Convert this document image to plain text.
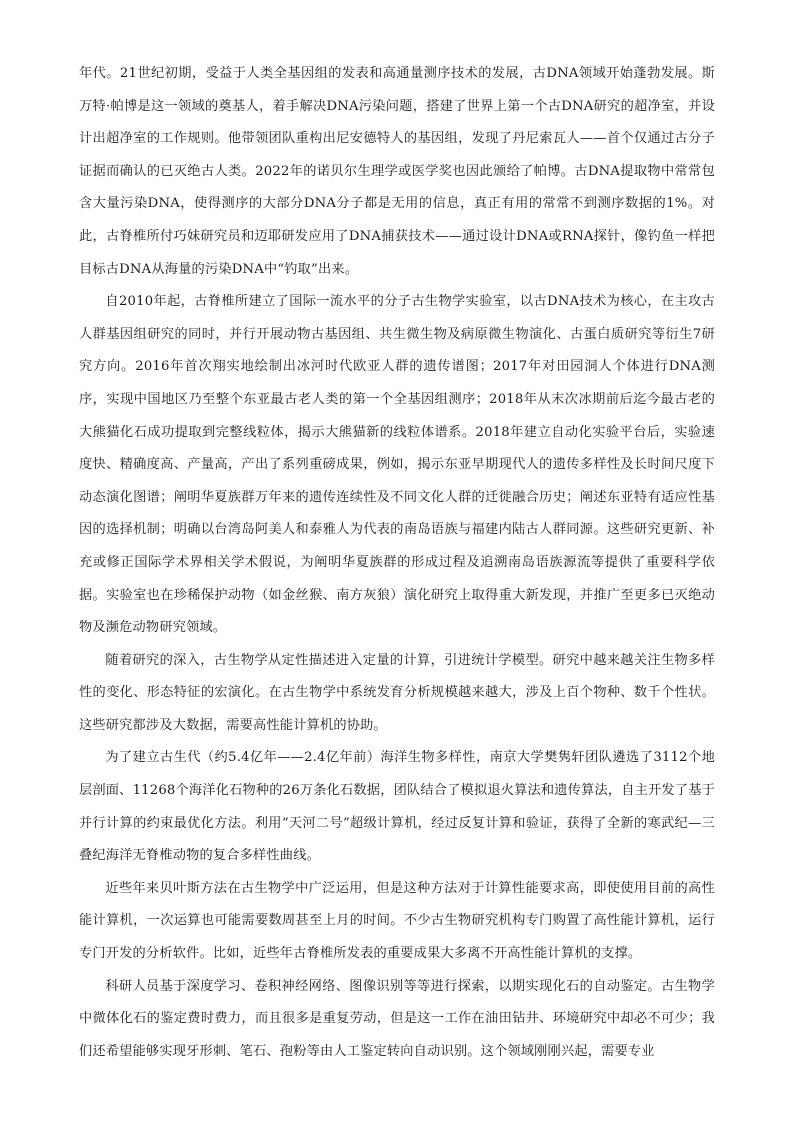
年代。21世纪初期，受益于人类全基因组的发表和高通量测序技术的发展，古DNA领域开始蓬勃发展。斯万特·帕博是这一领域的奠基人，着手解决DNA污染问题，搭建了世界上第一个古DNA研究的超净室，并设计出超净室的工作规则。他带领团队重构出尼安德特人的基因组，发现了丹尼索瓦人——首个仅通过古分子证据而确认的已灭绝古人类。2022年的诺贝尔生理学或医学奖也因此颁给了帕博。古DNA提取物中常常包含大量污染DNA，使得测序的大部分DNA分子都是无用的信息，真正有用的常常不到测序数据的1%。对此，古脊椎所付巧妹研究员和迈耶研发应用了DNA捕获技术——通过设计DNA或RNA探针，像钓鱼一样把目标古DNA从海量的污染DNA中“钓取”出来。

自2010年起，古脊椎所建立了国际一流水平的分子古生物学实验室，以古DNA技术为核心，在主攻古人群基因组研究的同时，并行开展动物古基因组、共生微生物及病原微生物演化、古蛋白质研究等衍生7研究方向。2016年首次翔实地绘制出冰河时代欧亚人群的遗传谱图；2017年对田园洞人个体进行DNA测序，实现中国地区乃至整个东亚最古老人类的第一个全基因组测序；2018年从末次冰期前后迄今最古老的大熊猫化石成功提取到完整线粒体，揭示大熊猫新的线粒体谱系。2018年建立自动化实验平台后，实验速度快、精确度高、产量高，产出了系列重磅成果，例如，揭示东亚早期现代人的遗传多样性及长时间尺度下动态演化图谱；阐明华夏族群万年来的遗传连续性及不同文化人群的迁徙融合历史；阐述东亚特有适应性基因的选择机制；明确以台湾岛阿美人和泰雅人为代表的南岛语族与福建内陆古人群同源。这些研究更新、补充或修正国际学术界相关学术假说，为阐明华夏族群的形成过程及追溯南岛语族源流等提供了重要科学依据。实验室也在珍稀保护动物（如金丝猴、南方灰狼）演化研究上取得重大新发现，并推广至更多已灭绝动物及濒危动物研究领域。

随着研究的深入，古生物学从定性描述进入定量的计算，引进统计学模型。研究中越来越关注生物多样性的变化、形态特征的宏演化。在古生物学中系统发育分析规模越来越大，涉及上百个物种、数千个性状。这些研究都涉及大数据，需要高性能计算机的协助。

为了建立古生代（约5.4亿年——2.4亿年前）海洋生物多样性，南京大学樊隽轩团队遴选了3112个地层剖面、11268个海洋化石物种的26万条化石数据，团队结合了模拟退火算法和遗传算法，自主开发了基于并行计算的约束最优化方法。利用“天河二号”超级计算机，经过反复计算和验证，获得了全新的寒武纪—三叠纪海洋无脊椎动物的复合多样性曲线。

近些年来贝叶斯方法在古生物学中广泛运用，但是这种方法对于计算性能要求高，即使使用目前的高性能计算机，一次运算也可能需要数周甚至上月的时间。不少古生物研究机构专门购置了高性能计算机，运行专门开发的分析软件。比如，近些年古脊椎所发表的重要成果大多离不开高性能计算机的支撑。

科研人员基于深度学习、卷积神经网络、图像识别等等进行探索，以期实现化石的自动鉴定。古生物学中微体化石的鉴定费时费力，而且很多是重复劳动，但是这一工作在油田钻井、环境研究中却必不可少；我们还希望能够实现牙形刺、笔石、孢粉等由人工鉴定转向自动识别。这个领域刚刚兴起，需要专业
